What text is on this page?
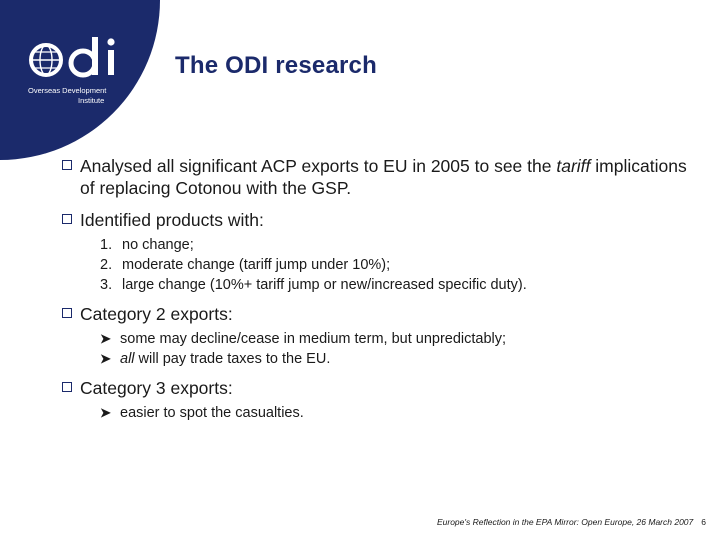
Overseas Development
Institute
The ODI research
Analysed all significant ACP exports to EU in 2005 to see the tariff implications of replacing Cotonou with the GSP.
Identified products with:
1. no change;
2. moderate change (tariff jump under 10%);
3. large change (10%+ tariff jump or new/increased specific duty).
Category 2 exports:
➤ some may decline/cease in medium term, but unpredictably;
➤ all will pay trade taxes to the EU.
Category 3 exports:
➤ easier to spot the casualties.
Europe's Reflection in the EPA Mirror: Open Europe, 26 March 2007 6
